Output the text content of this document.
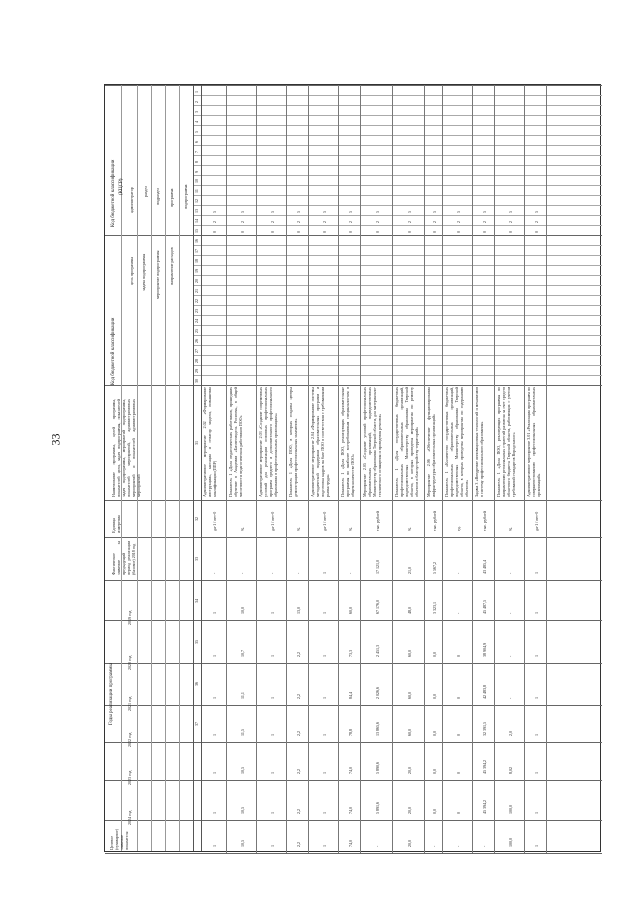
33
Код бюджетной классификации (КЦСР)
администратор раздел подраздел программа подпрограмма
Код бюджетной классификации
цель программы задача подпрограммы мероприятие подпрограммы направление расходов
Наименование программы, целей программы, показателей цели, задач подпрограммы, показателей задач подпрограммы, мероприятий подпрограммы, показателей мероприятий, административных мероприятий и показателей административных мероприятий
Единица измерения
Фактическое значение за предыдущий период реализации (базовое) 2018 год
Годы реализации программы
2019 год
2020 год
2021 год
2022 год
2023 год
2024 год
Целевое (суммарное) значение показателя
1
2
3
4
5
6
7
8
9
10
11
12
13
14
15
16
17
18
19
20
21
22
23
24
25
26
27
28
29
30
31
32
33
34
35
36
37
0
2
5
Административное мероприятие 2.02 «Формирование инструкции», кассация и сенатор модели, повышения квалификации (ППР)
да-1 / нет-0
-
1
1
1
1
1
1
1
0
2
5
Показатель 1 «Доля педагогических работников, прошедших обучение в Академии «Бизнесмодель Росатом», в общей численности педагогических работников ПОО»
%
-
10,0
10,7
11,1
11,5
10,5
10,5
10,5
0
2
5
Административное мероприятие 2.03 «Создание современных условий для реализации основных профессиональных программ среднего и дополнительного профессионального образования в профессиональных организациях»
да-1 / нет-0
-
1
1
1
1
1
1
1
0
2
5
Показатель 1 «Доля ПОО, в которых созданы центры демонстрации профессиональных экзаменов»
%
-
13,0
2,2
2,2
2,2
2,2
2,2
2,2
0
2
5
Административное мероприятие 2.04 «Формирование системы методической поддержки образовательных программ и подготовка кадров на базе ПОО в соответствии с требованиями рынка труда»
да-1 / нет-0
1
1
1
1
1
1
1
1
0
2
5
Показатель 1 «Доля ПОО, реализующих образовательные программы по наиболее востребованным специальностям в общем количестве ПОО»
%
-
60,0
73,3
84,4
78,8
74,0
74,0
74,0
0
2
5
Мероприятие 2.05 «Создание условий профессиональных образовательных организаций, подведомственных Министерству образования Тверской области, для материально-технического оснащения и проведения ремонта»
тыс. рублей
17 121,0
67 176,0
2 451,3
2 026,6
13 865,6
5 890,6
5 891,6
-
0
2
5
Показатель 1 «Доля государственных бюджетных профессиональных образовательных организаций, подведомственных Министерству образования Тверской области, в которых проведены мероприятия по ремонту объектов и благоустройству территорий»
%
21,0
48,0
60,0
60,0
60,0
20,0
20,0
20,0
0
2
5
Мероприятие 2.06 «Обеспечение функционирования инфраструктуры образовательных организаций»
тыс. рублей
5 567,2
3 323,1
0,0
0,0
0,0
0,0
0,0
-
0
2
5
Показатель 1 «Количество государственных бюджетных профессиональных образовательных организаций, подведомственных Министерству образования Тверской области, в которых проведены мероприятия по содержанию объектов»
ед.
-
-
0
0
0
0
0
-
0
2
5
Задача 3 «Внедрение инновационных технологий и механизмов в систему профессионального образования»
тыс. рублей
43 485,4
45 487,5
38 904,9
42 483,8
32 391,5
45 394,2
45 394,2
-
0
2
5
Показатель 1 «Доля ПОО, реализующих программы по направлению региональных стратегий развития за счет средств областного бюджета Тверской области, работающих с учетом требований стандартов Ворлдскиллс»
%
-
-
-
-
2,0
8,02
100,0
100,0
0
2
5
Административное мероприятие 3.01 «Реализация программ по совершенствованию профессиональных образовательных организаций»
да-1 / нет-0
1
1
1
1
1
1
1
1
